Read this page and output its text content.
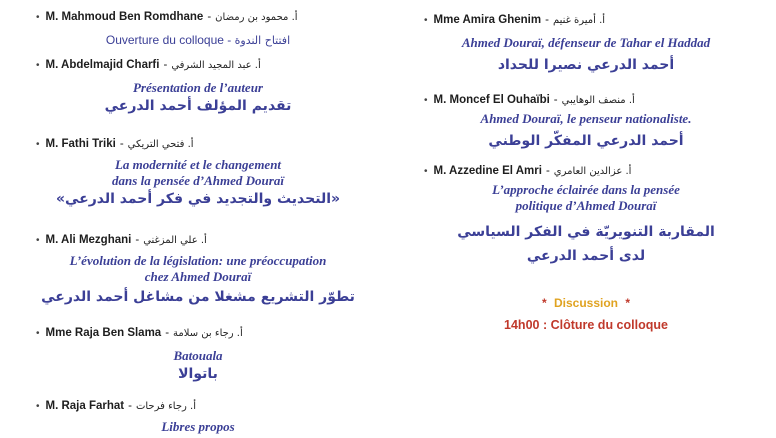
• M. Mahmoud Ben Romdhane - أ. محمود بن رمضان
Ouverture du colloque - افتتاح الندوة
• M. Abdelmajid Charfi - أ. عبد المجيد الشرفي
Présentation de l’auteur
تقديم المؤلف أحمد الدرعي
• M. Fathi Triki - أ. فتحي التريكي
La modernité et le changement
dans la pensée d’Ahmed Douraï
«التحديث والتجديد في فكر أحمد الدرعي»
• M. Ali Mezghani - أ. علي المزغني
L’évolution de la législation: une préoccupation
chez Ahmed Douraï
تطوّر التشريع مشغلا من مشاغل أحمد الدرعي
• Mme Raja Ben Slama - أ. رجاء بن سلامة
Batouala
باتوالا
• M. Raja Farhat - أ. رجاء فرحات
Libres propos
• Mme Amira Ghenim - أ. أميرة غنيم
Ahmed Douraï, défenseur de Tahar el Haddad
أحمد الدرعي نصيرا للحداد
• M. Moncef El Ouhaïbi - أ. منصف الوهايبي
Ahmed Douraï, le penseur nationaliste.
أحمد الدرعي المفكّر الوطني
• M. Azzedine El Amri - أ. عزالدين العامري
L’approche éclairée dans la pensée
politique d’Ahmed Douraï
المقاربة التنويريّة في الفكر السياسي
لدى أحمد الدرعي
* Discussion *
14h00 : Clôture du colloque
